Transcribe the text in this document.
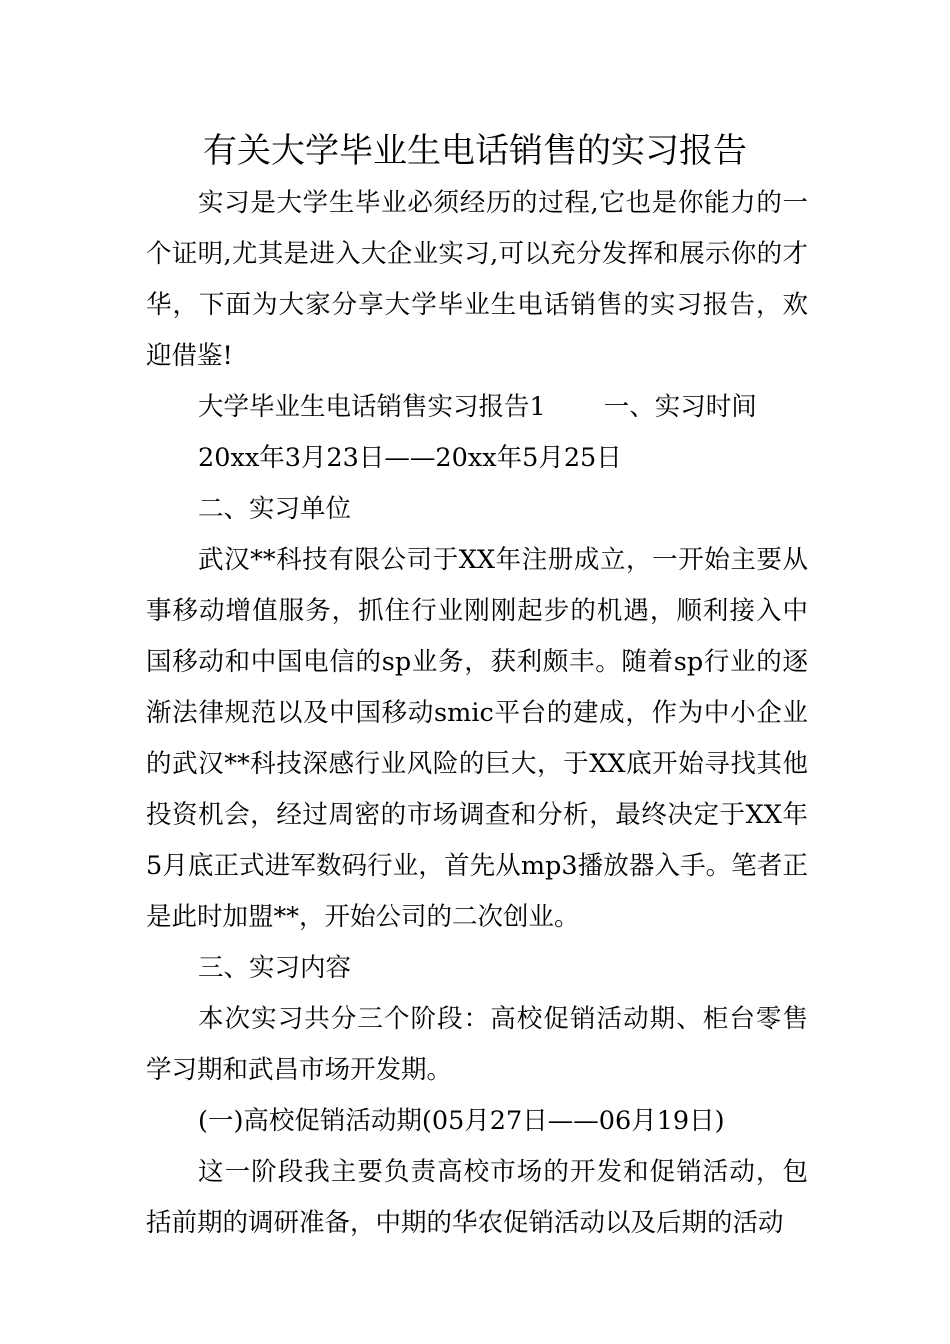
有关大学毕业生电话销售的实习报告

实习是大学生毕业必须经历的过程,它也是你能力的一个证明,尤其是进入大企业实习,可以充分发挥和展示你的才华，下面为大家分享大学毕业生电话销售的实习报告，欢迎借鉴!

大学毕业生电话销售实习报告1 一、实习时间

20xx年3月23日——20xx年5月25日

二、实习单位

武汉**科技有限公司于XX年注册成立，一开始主要从事移动增值服务，抓住行业刚刚起步的机遇，顺利接入中国移动和中国电信的sp业务，获利颇丰。随着sp行业的逐渐法律规范以及中国移动smic平台的建成，作为中小企业的武汉**科技深感行业风险的巨大，于XX底开始寻找其他投资机会，经过周密的市场调查和分析，最终决定于XX年5月底正式进军数码行业，首先从mp3播放器入手。笔者正是此时加盟**，开始公司的二次创业。

三、实习内容

本次实习共分三个阶段：高校促销活动期、柜台零售学习期和武昌市场开发期。

(一)高校促销活动期(05月27日——06月19日)

这一阶段我主要负责高校市场的开发和促销活动，包括前期的调研准备，中期的华农促销活动以及后期的活动
